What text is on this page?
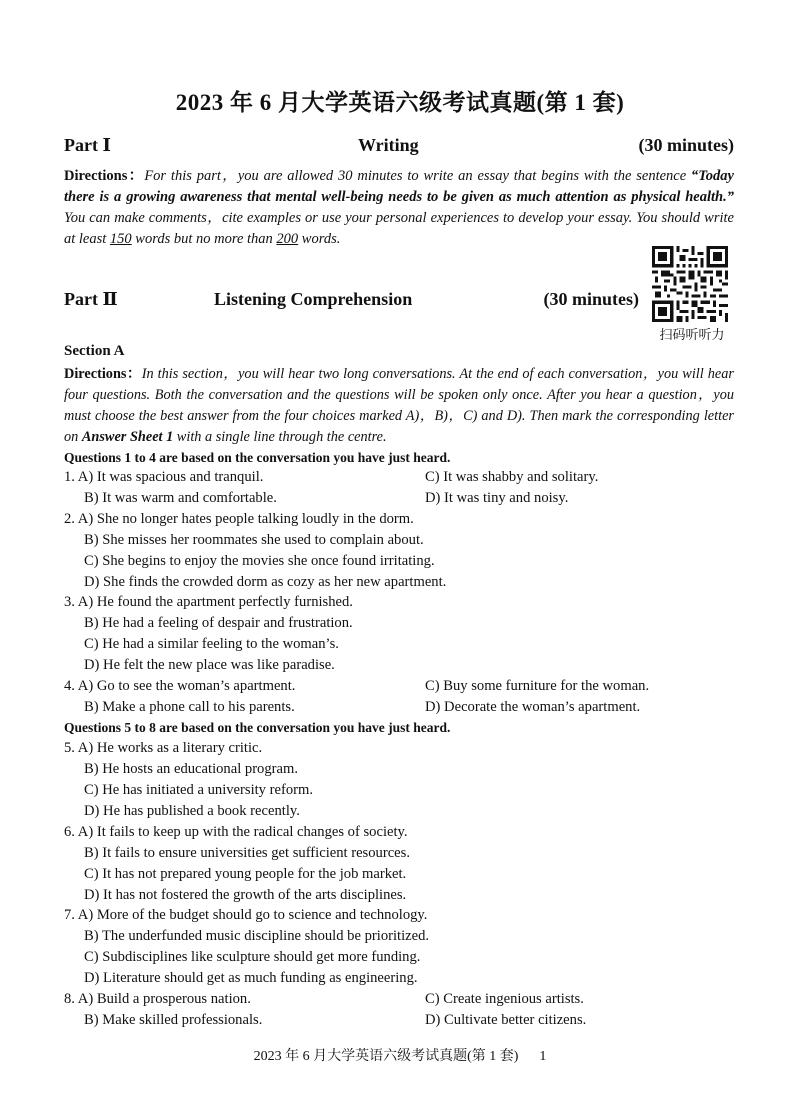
2023 年 6 月大学英语六级考试真题(第 1 套)
Part Ⅰ	Writing	(30 minutes)
Directions：For this part，you are allowed 30 minutes to write an essay that begins with the sentence “Today there is a growing awareness that mental well-being needs to be given as much attention as physical health.” You can make comments，cite examples or use your personal experiences to develop your essay. You should write at least 150 words but no more than 200 words.
扫码听听力
Part Ⅱ	Listening Comprehension	(30 minutes)
Section A
Directions：In this section，you will hear two long conversations. At the end of each conversation，you will hear four questions. Both the conversation and the questions will be spoken only once. After you hear a question，you must choose the best answer from the four choices marked A)，B)，C) and D). Then mark the corresponding letter on Answer Sheet 1 with a single line through the centre.
Questions 1 to 4 are based on the conversation you have just heard.
1. A) It was spacious and tranquil.	C) It was shabby and solitary.
B) It was warm and comfortable.	D) It was tiny and noisy.
2. A) She no longer hates people talking loudly in the dorm.
B) She misses her roommates she used to complain about.
C) She begins to enjoy the movies she once found irritating.
D) She finds the crowded dorm as cozy as her new apartment.
3. A) He found the apartment perfectly furnished.
B) He had a feeling of despair and frustration.
C) He had a similar feeling to the woman’s.
D) He felt the new place was like paradise.
4. A) Go to see the woman’s apartment.	C) Buy some furniture for the woman.
B) Make a phone call to his parents.	D) Decorate the woman’s apartment.
Questions 5 to 8 are based on the conversation you have just heard.
5. A) He works as a literary critic.
B) He hosts an educational program.
C) He has initiated a university reform.
D) He has published a book recently.
6. A) It fails to keep up with the radical changes of society.
B) It fails to ensure universities get sufficient resources.
C) It has not prepared young people for the job market.
D) It has not fostered the growth of the arts disciplines.
7. A) More of the budget should go to science and technology.
B) The underfunded music discipline should be prioritized.
C) Subdisciplines like sculpture should get more funding.
D) Literature should get as much funding as engineering.
8. A) Build a prosperous nation.	C) Create ingenious artists.
B) Make skilled professionals.	D) Cultivate better citizens.
2023 年 6 月大学英语六级考试真题(第 1 套) 1
